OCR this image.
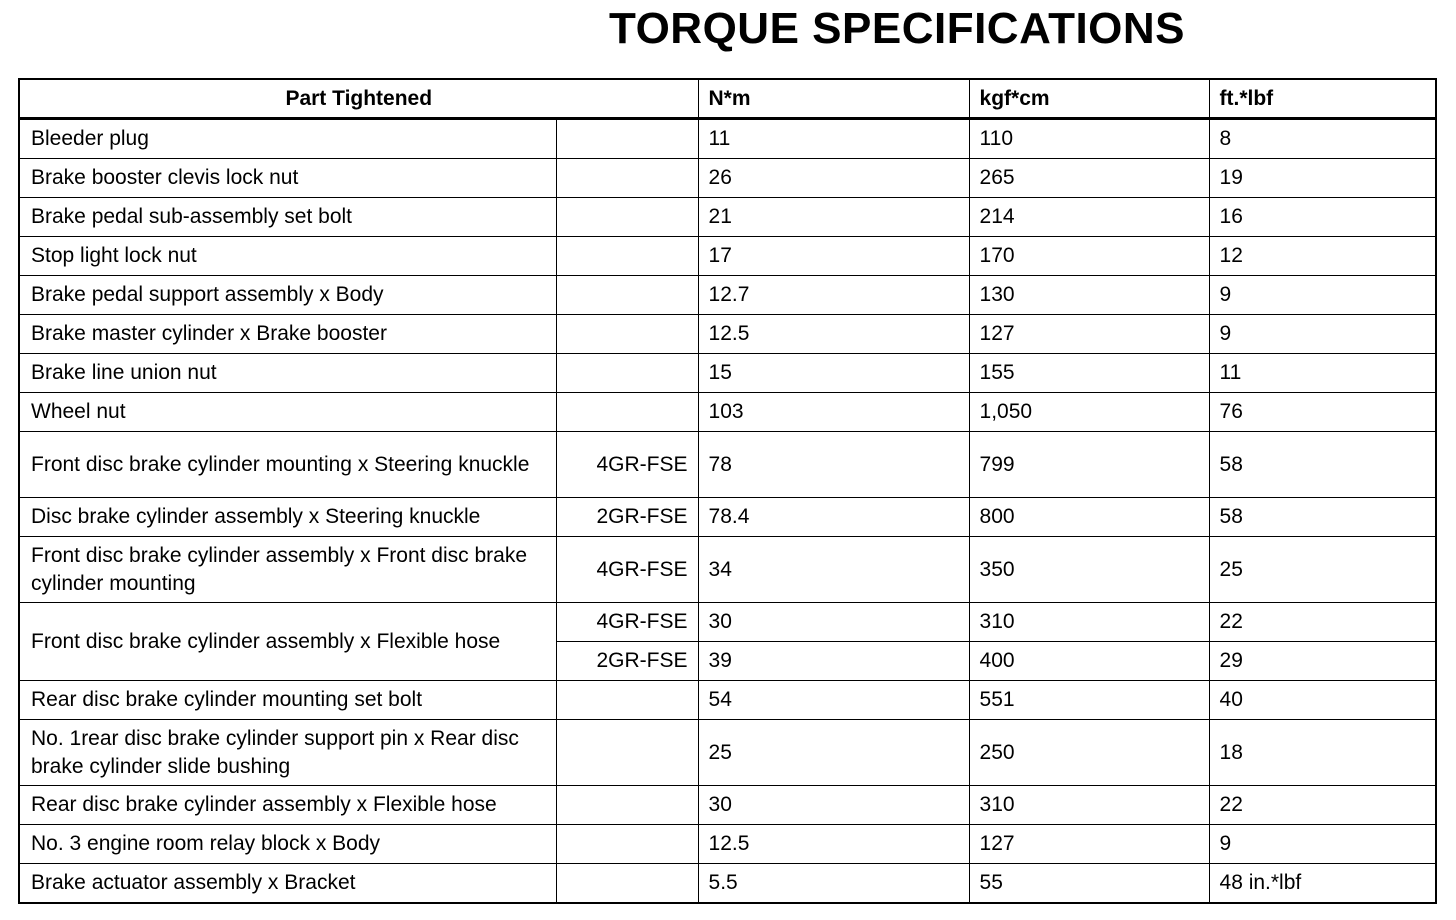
TORQUE SPECIFICATIONS
Part Tightened		N*m	kgf*cm	ft.*lbf
Bleeder plug		11	110	8
Brake booster clevis lock nut		26	265	19
Brake pedal sub-assembly set bolt		21	214	16
Stop light lock nut		17	170	12
Brake pedal support assembly x Body		12.7	130	9
Brake master cylinder x Brake booster		12.5	127	9
Brake line union nut		15	155	11
Wheel nut		103	1,050	76
Front disc brake cylinder mounting x Steering knuckle	4GR-FSE	78	799	58
Disc brake cylinder assembly x Steering knuckle	2GR-FSE	78.4	800	58
Front disc brake cylinder assembly x Front disc brake cylinder mounting	4GR-FSE	34	350	25
Front disc brake cylinder assembly x Flexible hose	4GR-FSE	30	310	22
	2GR-FSE	39	400	29
Rear disc brake cylinder mounting set bolt		54	551	40
No. 1rear disc brake cylinder support pin x Rear disc brake cylinder slide bushing		25	250	18
Rear disc brake cylinder assembly x Flexible hose		30	310	22
No. 3 engine room relay block x Body		12.5	127	9
Brake actuator assembly x Bracket		5.5	55	48 in.*lbf
